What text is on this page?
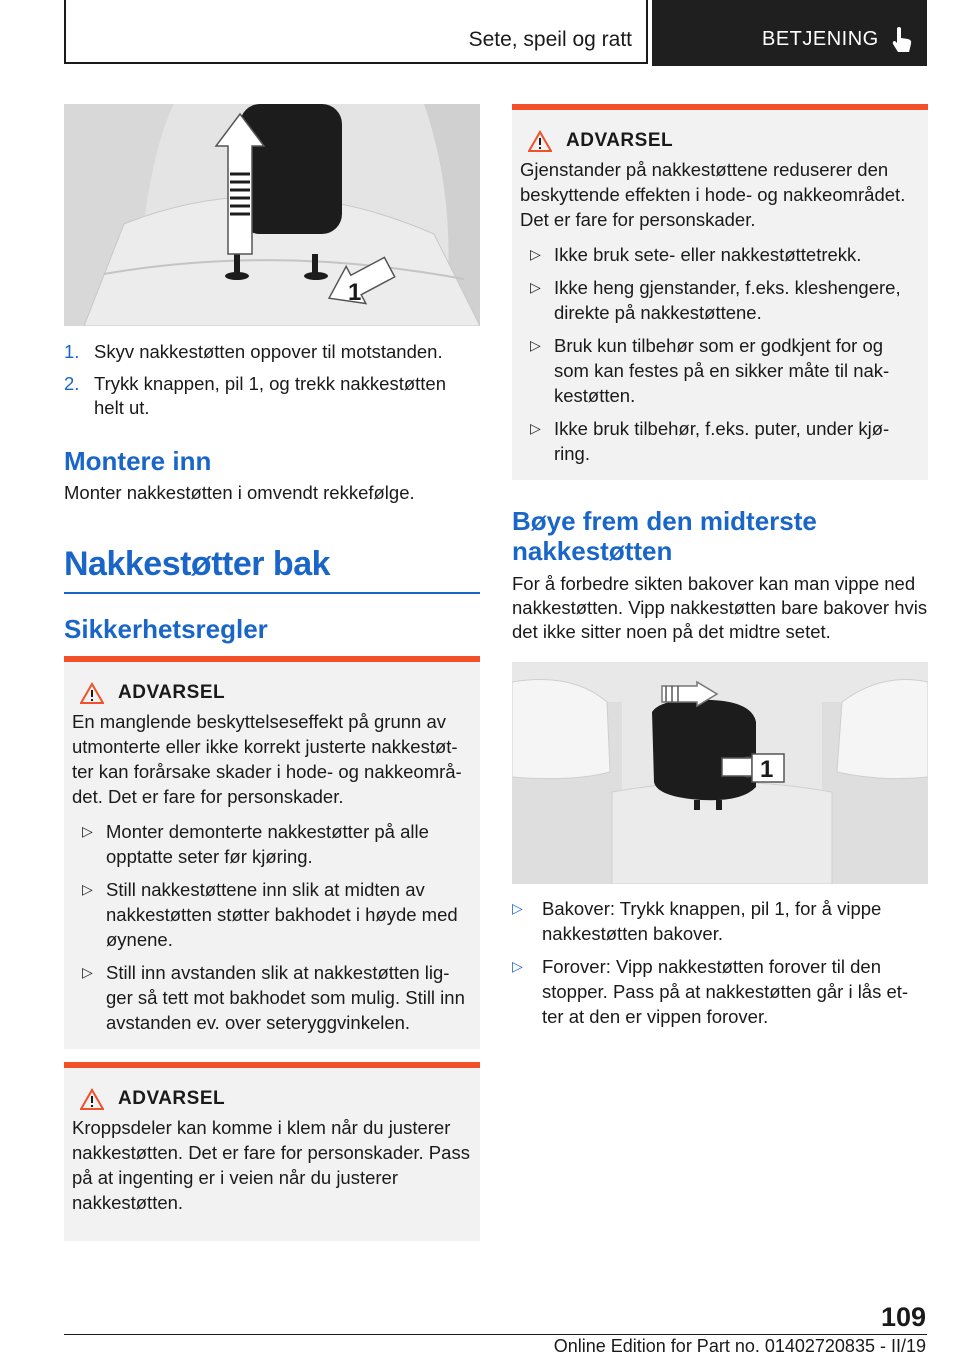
Sete, speil og ratt	BETJENING
1
1. Skyv nakkestøtten oppover til motstanden.
2. Trykk knappen, pil 1, og trekk nakkestøtten helt ut.
Montere inn

Monter nakkestøtten i omvendt rekkefølge.

Nakkestøtter bak
Sikkerhetsregler
ADVARSEL
En manglende beskyttelseseffekt på grunn av utmonterte eller ikke korrekt justerte nakkestøt-ter kan forårsake skader i hode- og nakkeområ-det. Det er fare for personskader.
▷ Monter demonterte nakkestøtter på alle opptatte seter før kjøring.
▷ Still nakkestøttene inn slik at midten av nakkestøtten støtter bakhodet i høyde med øynene.
▷ Still inn avstanden slik at nakkestøtten lig-ger så tett mot bakhodet som mulig. Still inn avstanden ev. over seteryggvinkelen.
ADVARSEL
Kroppsdeler kan komme i klem når du justerer nakkestøtten. Det er fare for personskader. Pass på at ingenting er i veien når du justerer nakkestøtten.
ADVARSEL
Gjenstander på nakkestøttene reduserer den beskyttende effekten i hode- og nakkeområdet. Det er fare for personskader.
▷ Ikke bruk sete- eller nakkestøttetrekk.
▷ Ikke heng gjenstander, f.eks. kleshengere, direkte på nakkestøttene.
▷ Bruk kun tilbehør som er godkjent for og som kan festes på en sikker måte til nak-kestøtten.
▷ Ikke bruk tilbehør, f.eks. puter, under kjø-ring.
Bøye frem den midterste nakkestøtten

For å forbedre sikten bakover kan man vippe ned nakkestøtten. Vipp nakkestøtten bare bakover hvis det ikke sitter noen på det midtre setet.

1
▷ Bakover: Trykk knappen, pil 1, for å vippe nakkestøtten bakover.
▷ Forover: Vipp nakkestøtten forover til den stopper. Pass på at nakkestøtten går i lås et-ter at den er vippen forover.
109
Online Edition for Part no. 01402720835 - II/19
